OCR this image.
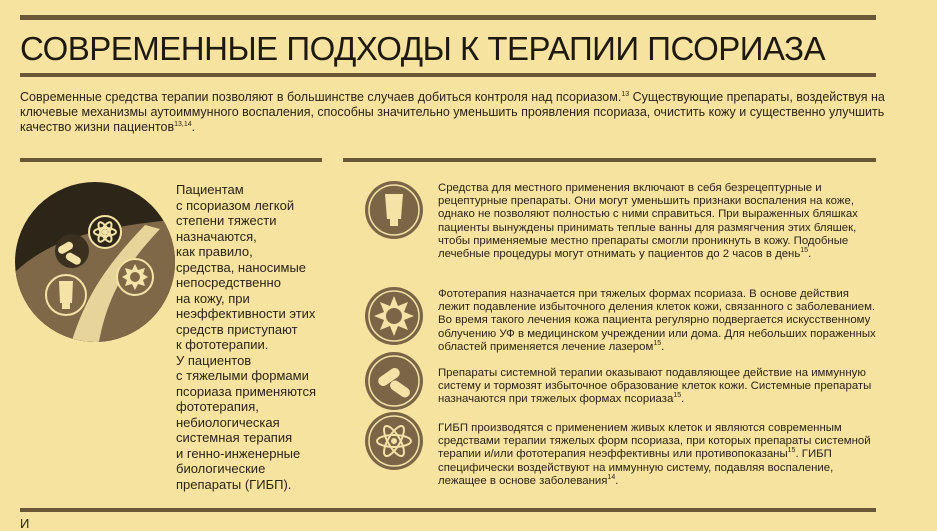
СОВРЕМЕННЫЕ ПОДХОДЫ К ТЕРАПИИ ПСОРИАЗА
Современные средства терапии позволяют в большинстве случаев добиться контроля над псориазом.$^{13}$ Существующие препараты, воздействуя на ключевые механизмы аутоиммунного воспаления, способны значительно уменьшить проявления псориаза, очистить кожу и существенно улучшить качество жизни пациентов$^{13,14}$.
Пациентам
с псориазом легкой
степени тяжести
назначаются,
как правило,
средства, наносимые
непосредственно
на кожу, при
неэффективности этих
средств приступают
к фототерапии.
У пациентов
с тяжелыми формами
псориаза применяются
фототерапия,
небиологическая
системная терапия
и генно-инженерные
биологические
препараты (ГИБП).
Средства для местного применения включают в себя безрецептурные и рецептурные препараты. Они могут уменьшить признаки воспаления на коже, однако не позволяют полностью с ними справиться. При выраженных бляшках пациенты вынуждены принимать теплые ванны для размягчения этих бляшек, чтобы применяемые местно препараты смогли проникнуть в кожу. Подобные лечебные процедуры могут отнимать у пациентов до 2 часов в день$^{15}$.
Фототерапия назначается при тяжелых формах псориаза. В основе действия лежит подавление избыточного деления клеток кожи, связанного с заболеванием. Во время такого лечения кожа пациента регулярно подвергается искусственному облучению УФ в медицинском учреждении или дома. Для небольших пораженных областей применяется лечение лазером$^{15}$.
Препараты системной терапии оказывают подавляющее действие на иммунную систему и тормозят избыточное образование клеток кожи. Системные препараты назначаются при тяжелых формах псориаза$^{15}$.
ГИБП производятся с применением живых клеток и являются современным средствами терапии тяжелых форм псориаза, при которых препараты системной терапии и/или фототерапия неэффективны или противопоказаны$^{15}$. ГИБП специфически воздействуют на иммунную систему, подавляя воспаление, лежащее в основе заболевания$^{14}$.
И
